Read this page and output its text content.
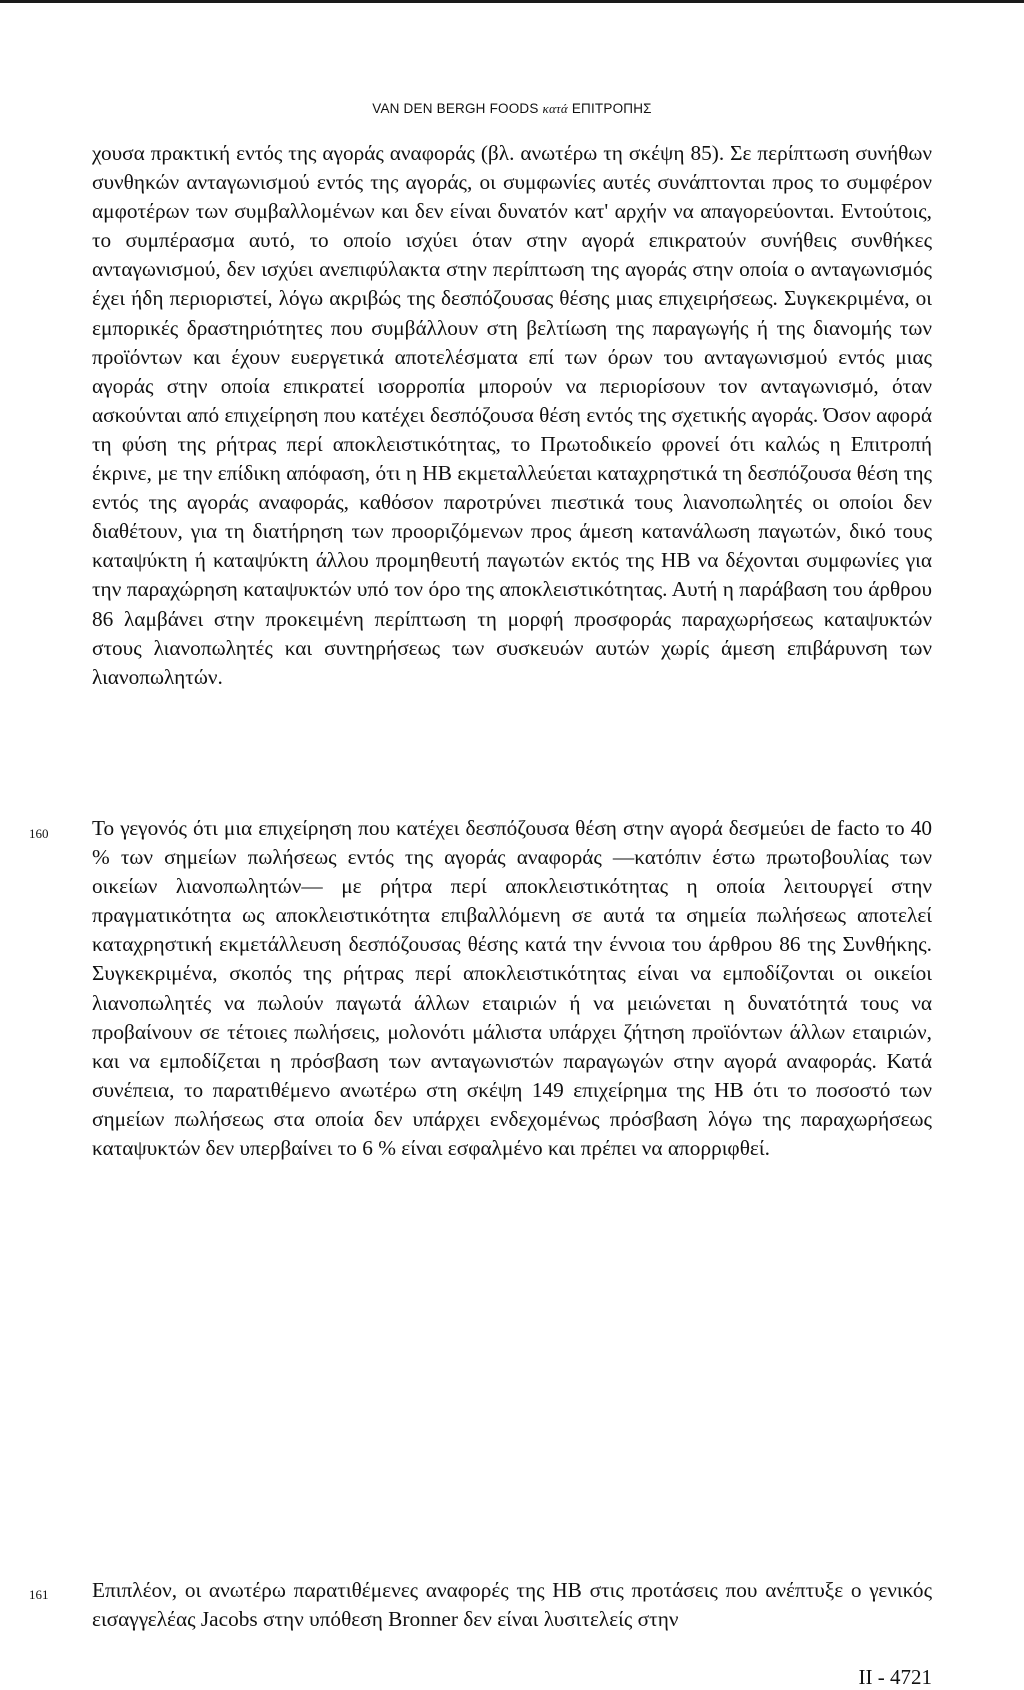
VAN DEN BERGH FOODS κατά ΕΠΙΤΡΟΠΗΣ

χουσα πρακτική εντός της αγοράς αναφοράς (βλ. ανωτέρω τη σκέψη 85). Σε περίπτωση συνήθων συνθηκών ανταγωνισμού εντός της αγοράς, οι συμφωνίες αυτές συνάπτονται προς το συμφέρον αμφοτέρων των συμβαλλομένων και δεν είναι δυνατόν κατ' αρχήν να απαγορεύονται. Εντούτοις, το συμπέρασμα αυτό, το οποίο ισχύει όταν στην αγορά επικρατούν συνήθεις συνθήκες ανταγωνισμού, δεν ισχύει ανεπιφύλακτα στην περίπτωση της αγοράς στην οποία ο ανταγωνισμός έχει ήδη περιοριστεί, λόγω ακριβώς της δεσπόζουσας θέσης μιας επιχειρήσεως. Συγκεκριμένα, οι εμπορικές δραστηριότητες που συμβάλλουν στη βελτίωση της παραγωγής ή της διανομής των προϊόντων και έχουν ευεργετικά αποτελέσματα επί των όρων του ανταγωνισμού εντός μιας αγοράς στην οποία επικρατεί ισορροπία μπορούν να περιορίσουν τον ανταγωνισμό, όταν ασκούνται από επιχείρηση που κατέχει δεσπόζουσα θέση εντός της σχετικής αγοράς. Όσον αφορά τη φύση της ρήτρας περί αποκλειστικότητας, το Πρωτοδικείο φρονεί ότι καλώς η Επιτροπή έκρινε, με την επίδικη απόφαση, ότι η ΗΒ εκμεταλλεύεται καταχρηστικά τη δεσπόζουσα θέση της εντός της αγοράς αναφοράς, καθόσον παροτρύνει πιεστικά τους λιανοπωλητές οι οποίοι δεν διαθέτουν, για τη διατήρηση των προοριζόμενων προς άμεση κατανάλωση παγωτών, δικό τους καταψύκτη ή καταψύκτη άλλου προμηθευτή παγωτών εκτός της ΗΒ να δέχονται συμφωνίες για την παραχώρηση καταψυκτών υπό τον όρο της αποκλειστικότητας. Αυτή η παράβαση του άρθρου 86 λαμβάνει στην προκειμένη περίπτωση τη μορφή προσφοράς παραχωρήσεως καταψυκτών στους λιανοπωλητές και συντηρήσεως των συσκευών αυτών χωρίς άμεση επιβάρυνση των λιανοπωλητών.

160 Το γεγονός ότι μια επιχείρηση που κατέχει δεσπόζουσα θέση στην αγορά δεσμεύει de facto το 40 % των σημείων πωλήσεως εντός της αγοράς αναφοράς —κατόπιν έστω πρωτοβουλίας των οικείων λιανοπωλητών— με ρήτρα περί αποκλειστικότητας η οποία λειτουργεί στην πραγματικότητα ως αποκλειστικότητα επιβαλλόμενη σε αυτά τα σημεία πωλήσεως αποτελεί καταχρηστική εκμετάλλευση δεσπόζουσας θέσης κατά την έννοια του άρθρου 86 της Συνθήκης. Συγκεκριμένα, σκοπός της ρήτρας περί αποκλειστικότητας είναι να εμποδίζονται οι οικείοι λιανοπωλητές να πωλούν παγωτά άλλων εταιριών ή να μειώνεται η δυνατότητά τους να προβαίνουν σε τέτοιες πωλήσεις, μολονότι μάλιστα υπάρχει ζήτηση προϊόντων άλλων εταιριών, και να εμποδίζεται η πρόσβαση των ανταγωνιστών παραγωγών στην αγορά αναφοράς. Κατά συνέπεια, το παρατιθέμενο ανωτέρω στη σκέψη 149 επιχείρημα της ΗΒ ότι το ποσοστό των σημείων πωλήσεως στα οποία δεν υπάρχει ενδεχομένως πρόσβαση λόγω της παραχωρήσεως καταψυκτών δεν υπερβαίνει το 6 % είναι εσφαλμένο και πρέπει να απορριφθεί.

161 Επιπλέον, οι ανωτέρω παρατιθέμενες αναφορές της ΗΒ στις προτάσεις που ανέπτυξε ο γενικός εισαγγελέας Jacobs στην υπόθεση Bronner δεν είναι λυσιτελείς στην

II - 4721
